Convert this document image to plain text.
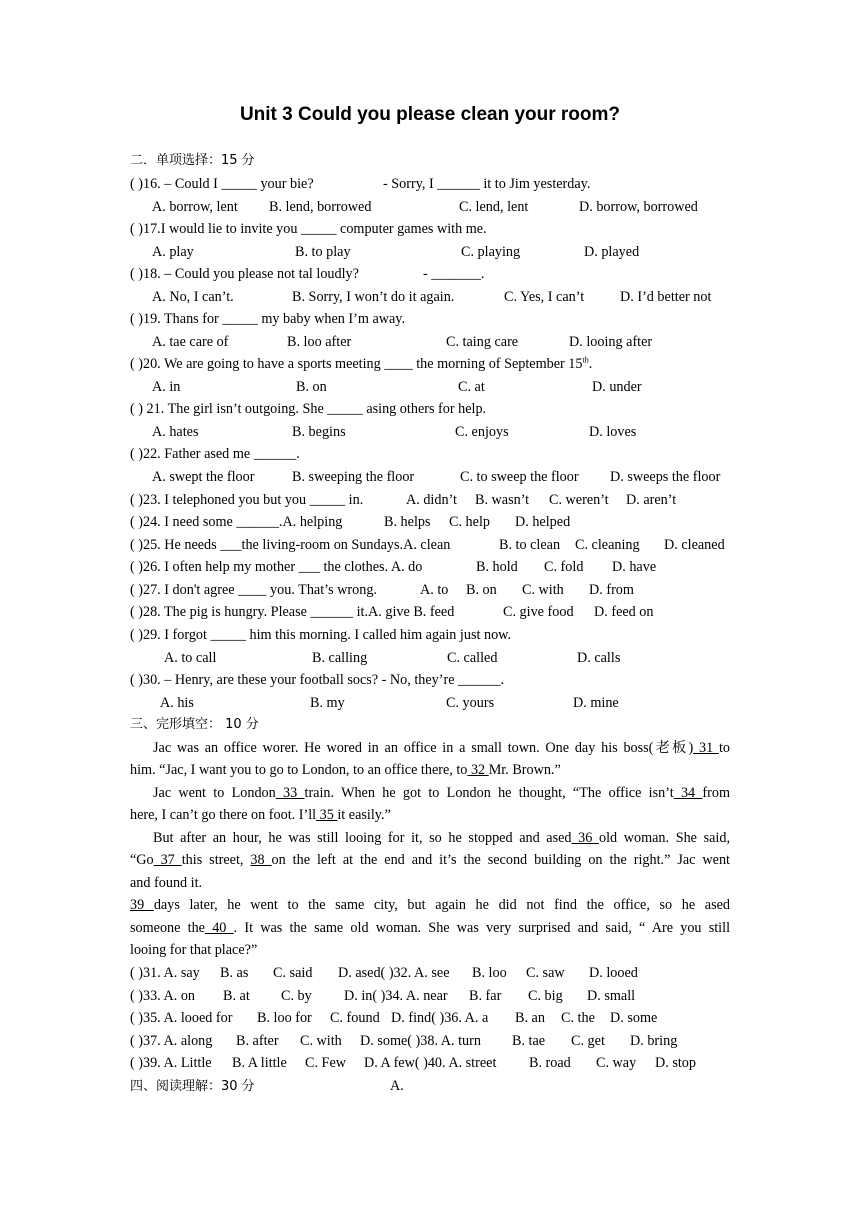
Unit 3 Could you please clean your room?
二．单项选择：15 分
( )16. – Could I _____ your bie?	- Sorry, I ______ it to Jim yesterday.
A. borrow, lent B. lend, borrowed	C. lend, lent	D. borrow, borrowed
( )17.I would lie to invite you _____ computer games with me.
A. play	B. to play	C. playing	D. played
( )18. – Could you please not tal loudly?	- _______.
A. No, I can’t.	B. Sorry, I won’t do it again.	C. Yes, I can’t	D. I’d better not
( )19. Thans for _____ my baby when I’m away.
A. tae care of	B. loo after	C. taing care	D. looing after
( )20. We are going to have a sports meeting ____ the morning of September 15th.
A. in	B. on	C. at	D. under
( ) 21. The girl isn’t outgoing. She _____ asing others for help.
A. hates	B. begins	C. enjoys	D. loves
( )22. Father ased me ______.
A. swept the floor	B. sweeping the floor	C. to sweep the floor D. sweeps the floor
( )23. I telephoned you but you _____ in.	A. didn’t B. wasn’t C. weren’t D. aren’t
( )24. I need some ______.A. helping	B. helps C. help D. helped
( )25. He needs ___the living-room on Sundays.A. clean	B. to clean C. cleaning D. cleaned
( )26. I often help my mother ___ the clothes. A. do	B. hold C. fold D. have
( )27. I don't agree ____ you. That’s wrong.	A. to B. on C. with D. from
( )28. The pig is hungry. Please ______ it.A. give B. feed	C. give food D. feed on
( )29. I forgot _____ him this morning. I called him again just now.
A. to call	B. calling	C. called	D. calls
( )30. – Henry, are these your football socs? - No, they’re ______.
A. his	B. my	C. yours	D. mine
三、完形填空： 10 分
Jac was an office worer. He wored in an office in a small town. One day his boss(老板) 31 to
him. “Jac, I want you to go to London, to an office there, to 32 Mr. Brown.”
Jac went to London 33 train. When he got to London he thought, “The office isn’t 34 from
here, I can’t go there on foot. I’ll 35 it easily.”
But after an hour, he was still looing for it, so he stopped and ased 36 old woman. She said,
“Go 37 this street, 38 on the left at the end and it’s the second building on the right.” Jac went
and found it.
39 days later, he went to the same city, but again he did not find the office, so he ased
someone the 40 . It was the same old woman. She was very surprised and said, “ Are you still
looing for that place?”
( )31. A. say B. as C. said D. ased( )32. A. see B. loo C. saw D. looed
( )33. A. on B. at C. by D. in( )34. A. near B. far C. big D. small
( )35. A. looed for B. loo for C. found D. find( )36. A. a B. an C. the D. some
( )37. A. along B. after C. with D. some( )38. A. turn B. tae C. get D. bring
( )39. A. Little B. A little C. Few D. A few( )40. A. street B. road C. way D. stop
四、阅读理解：30 分	A.
